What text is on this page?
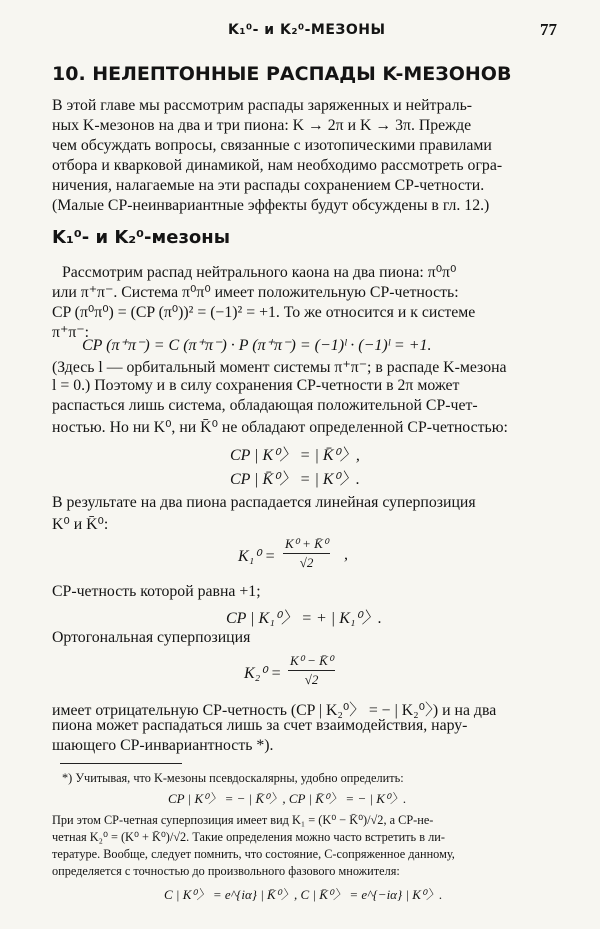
K₁⁰- и K₂⁰-МЕЗОНЫ	77
10. НЕЛЕПТОННЫЕ РАСПАДЫ K-МЕЗОНОВ
В этой главе мы рассмотрим распады заряженных и нейтраль-
ных K-мезонов на два и три пиона: K → 2π и K → 3π. Прежде
чем обсуждать вопросы, связанные с изотопическими правилами
отбора и кварковой динамикой, нам необходимо рассмотреть огра-
ничения, налагаемые на эти распады сохранением CP-четности.
(Малые CP-неинвариантные эффекты будут обсуждены в гл. 12.)
K₁⁰- и K₂⁰-мезоны
Рассмотрим распад нейтрального каона на два пиона: π⁰π⁰
или π⁺π⁻. Система π⁰π⁰ имеет положительную CP-четность:
CP (π⁰π⁰) = (CP (π⁰))² = (−1)² = +1. То же относится и к системе
π⁺π⁻:
CP (π⁺π⁻) = C (π⁺π⁻) · P (π⁺π⁻) = (−1)ˡ · (−1)ˡ = +1.
(Здесь l — орбитальный момент системы π⁺π⁻; в распаде K-мезона
l = 0.) Поэтому и в силу сохранения CP-четности в 2π может
распасться лишь система, обладающая положительной CP-чет-
ностью. Но ни K⁰, ни K̄⁰ не обладают определенной CP-четностью:
CP | K⁰〉 = | K̄⁰〉,
CP | K̄⁰〉 = | K⁰〉.
В результате на два пиона распадается линейная суперпозиция
K⁰ и K̄⁰:
$K_1^0 = \frac{\text{K⁰ + K̄⁰}}{√2}$ ,
CP-четность которой равна +1;
CP | K₁⁰〉 = + | K₁⁰〉.
Ортогональная суперпозиция
$K_2^0 = \frac{\text{K⁰ − K̄⁰}}{√2}$
имеет отрицательную CP-четность (CP | K₂⁰〉 = − | K₂⁰〉) и на два
пиона может распадаться лишь за счет взаимодействия, нару-
шающего CP-инвариантность *).
*) Учитывая, что K-мезоны псевдоскалярны, удобно определить:
CP | K⁰〉 = − | K̄⁰〉, CP | K̄⁰〉 = − | K⁰〉.
При этом CP-четная суперпозиция имеет вид K₁ = (K⁰ − K̄⁰)/√2, а CP-не-
четная K₂⁰ = (K⁰ + K̄⁰)/√2. Такие определения можно часто встретить в ли-
тературе. Вообще, следует помнить, что состояние, C-сопряженное данному,
определяется с точностью до произвольного фазового множителя:
C | K⁰〉 = e^{iα} | K̄⁰〉, C | K̄⁰〉 = e^{−iα} | K⁰〉.
